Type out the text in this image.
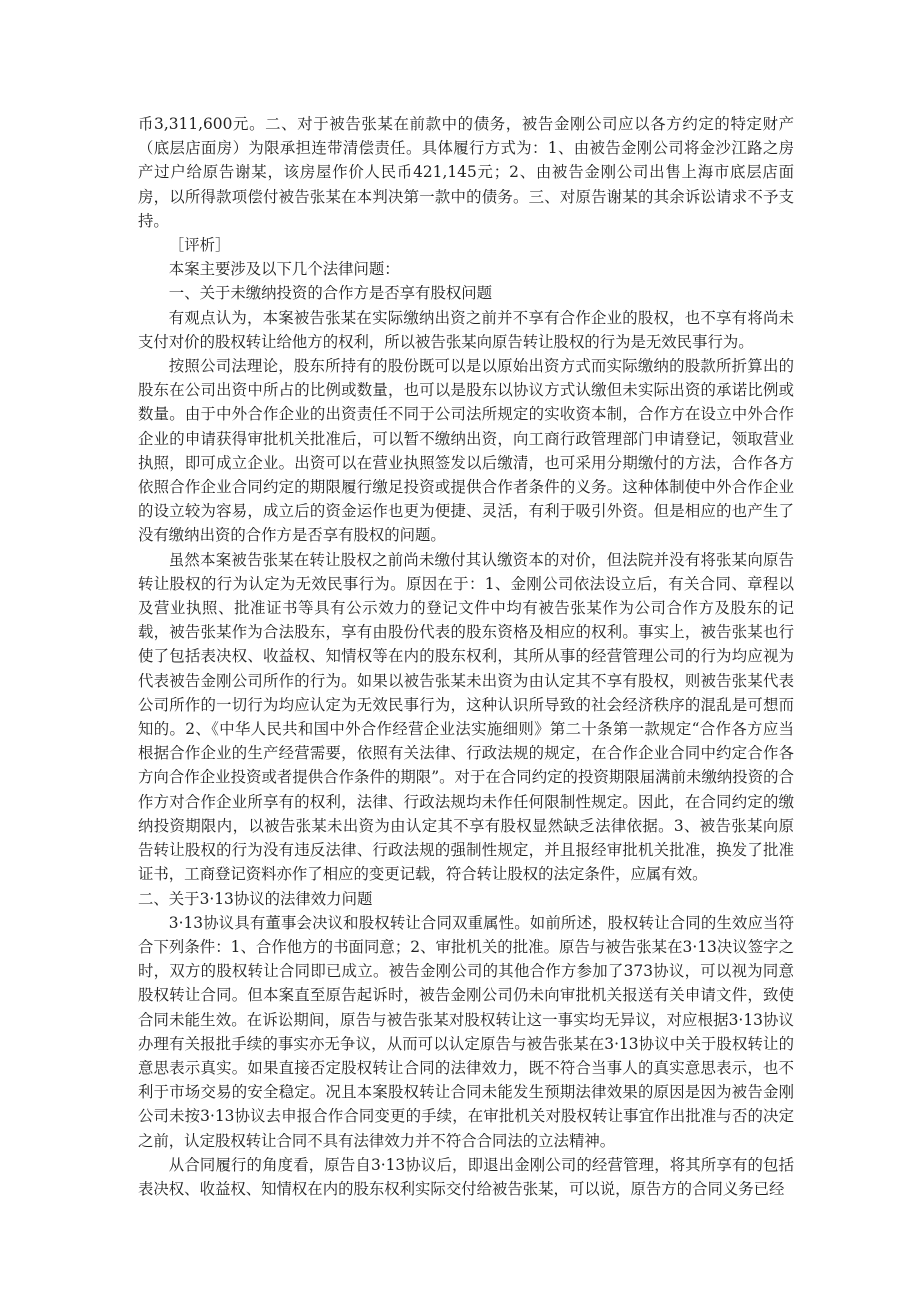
币3,311,600元。二、对于被告张某在前款中的债务，被告金刚公司应以各方约定的特定财产（底层店面房）为限承担连带清偿责任。具体履行方式为：1、由被告金刚公司将金沙江路之房产过户给原告谢某，该房屋作价人民币421,145元；2、由被告金刚公司出售上海市底层店面房，以所得款项偿付被告张某在本判决第一款中的债务。三、对原告谢某的其余诉讼请求不予支持。

［评析］

本案主要涉及以下几个法律问题：

一、关于未缴纳投资的合作方是否享有股权问题

有观点认为，本案被告张某在实际缴纳出资之前并不享有合作企业的股权，也不享有将尚未支付对价的股权转让给他方的权利，所以被告张某向原告转让股权的行为是无效民事行为。

按照公司法理论，股东所持有的股份既可以是以原始出资方式而实际缴纳的股款所折算出的股东在公司出资中所占的比例或数量，也可以是股东以协议方式认缴但未实际出资的承诺比例或数量。由于中外合作企业的出资责任不同于公司法所规定的实收资本制，合作方在设立中外合作企业的申请获得审批机关批准后，可以暂不缴纳出资，向工商行政管理部门申请登记，领取营业执照，即可成立企业。出资可以在营业执照签发以后缴清，也可采用分期缴付的方法，合作各方依照合作企业合同约定的期限履行缴足投资或提供合作者条件的义务。这种体制使中外合作企业的设立较为容易，成立后的资金运作也更为便捷、灵活，有利于吸引外资。但是相应的也产生了没有缴纳出资的合作方是否享有股权的问题。

虽然本案被告张某在转让股权之前尚未缴付其认缴资本的对价，但法院并没有将张某向原告转让股权的行为认定为无效民事行为。原因在于：1、金刚公司依法设立后，有关合同、章程以及营业执照、批准证书等具有公示效力的登记文件中均有被告张某作为公司合作方及股东的记载，被告张某作为合法股东，享有由股份代表的股东资格及相应的权利。事实上，被告张某也行使了包括表决权、收益权、知情权等在内的股东权利，其所从事的经营管理公司的行为均应视为代表被告金刚公司所作的行为。如果以被告张某未出资为由认定其不享有股权，则被告张某代表公司所作的一切行为均应认定为无效民事行为，这种认识所导致的社会经济秩序的混乱是可想而知的。2、《中华人民共和国中外合作经营企业法实施细则》第二十条第一款规定“合作各方应当根据合作企业的生产经营需要，依照有关法律、行政法规的规定，在合作企业合同中约定合作各方向合作企业投资或者提供合作条件的期限”。对于在合同约定的投资期限届满前未缴纳投资的合作方对合作企业所享有的权利，法律、行政法规均未作任何限制性规定。因此，在合同约定的缴纳投资期限内，以被告张某未出资为由认定其不享有股权显然缺乏法律依据。3、被告张某向原告转让股权的行为没有违反法律、行政法规的强制性规定，并且报经审批机关批准，换发了批准证书，工商登记资料亦作了相应的变更记载，符合转让股权的法定条件，应属有效。

二、关于3·13协议的法律效力问题

3·13协议具有董事会决议和股权转让合同双重属性。如前所述，股权转让合同的生效应当符合下列条件：1、合作他方的书面同意；2、审批机关的批准。原告与被告张某在3·13决议签字之时，双方的股权转让合同即已成立。被告金刚公司的其他合作方参加了373协议，可以视为同意股权转让合同。但本案直至原告起诉时，被告金刚公司仍未向审批机关报送有关申请文件，致使合同未能生效。在诉讼期间，原告与被告张某对股权转让这一事实均无异议，对应根据3·13协议办理有关报批手续的事实亦无争议，从而可以认定原告与被告张某在3·13协议中关于股权转让的意思表示真实。如果直接否定股权转让合同的法律效力，既不符合当事人的真实意思表示，也不利于市场交易的安全稳定。况且本案股权转让合同未能发生预期法律效果的原因是因为被告金刚公司未按3·13协议去申报合作合同变更的手续，在审批机关对股权转让事宜作出批准与否的决定之前，认定股权转让合同不具有法律效力并不符合合同法的立法精神。

从合同履行的角度看，原告自3·13协议后，即退出金刚公司的经营管理，将其所享有的包括表决权、收益权、知情权在内的股东权利实际交付给被告张某，可以说，原告方的合同义务已经
